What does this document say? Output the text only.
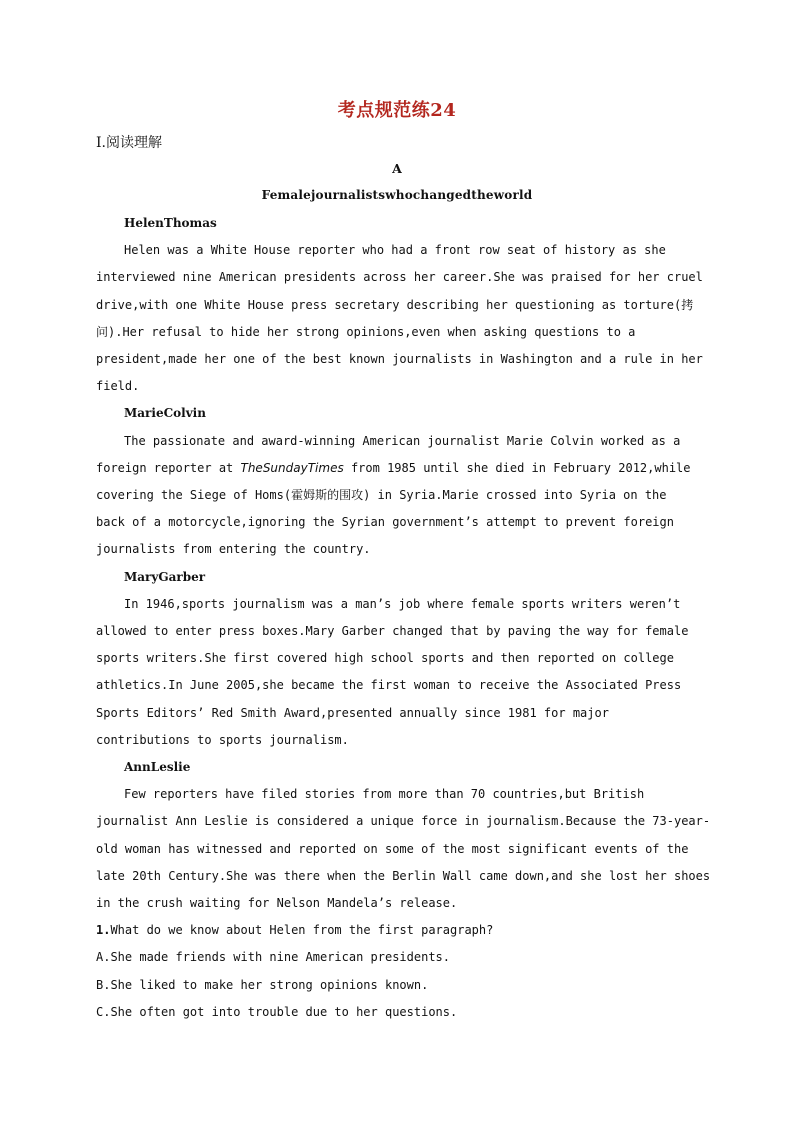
考点规范练24
Ⅰ.阅读理解
A
Femalejournalistswhochangedtheworld
HelenThomas
Helen was a White House reporter who had a front row seat of history as she
interviewed nine American presidents across her career.She was praised for her cruel
drive,with one White House press secretary describing her questioning as torture(拷
问).Her refusal to hide her strong opinions,even when asking questions to a
president,made her one of the best known journalists in Washington and a rule in her
field.
MarieColvin
The passionate and award-winning American journalist Marie Colvin worked as a
foreign reporter at TheSundayTimes from 1985 until she died in February 2012,while
covering the Siege of Homs(霍姆斯的围攻) in Syria.Marie crossed into Syria on the
back of a motorcycle,ignoring the Syrian government’s attempt to prevent foreign
journalists from entering the country.
MaryGarber
In 1946,sports journalism was a man’s job where female sports writers weren’t
allowed to enter press boxes.Mary Garber changed that by paving the way for female
sports writers.She first covered high school sports and then reported on college
athletics.In June 2005,she became the first woman to receive the Associated Press
Sports Editors’ Red Smith Award,presented annually since 1981 for major
contributions to sports journalism.
AnnLeslie
Few reporters have filed stories from more than 70 countries,but British
journalist Ann Leslie is considered a unique force in journalism.Because the 73-year-
old woman has witnessed and reported on some of the most significant events of the
late 20th Century.She was there when the Berlin Wall came down,and she lost her shoes
in the crush waiting for Nelson Mandela’s release.
1.What do we know about Helen from the first paragraph?
A.She made friends with nine American presidents.
B.She liked to make her strong opinions known.
C.She often got into trouble due to her questions.
